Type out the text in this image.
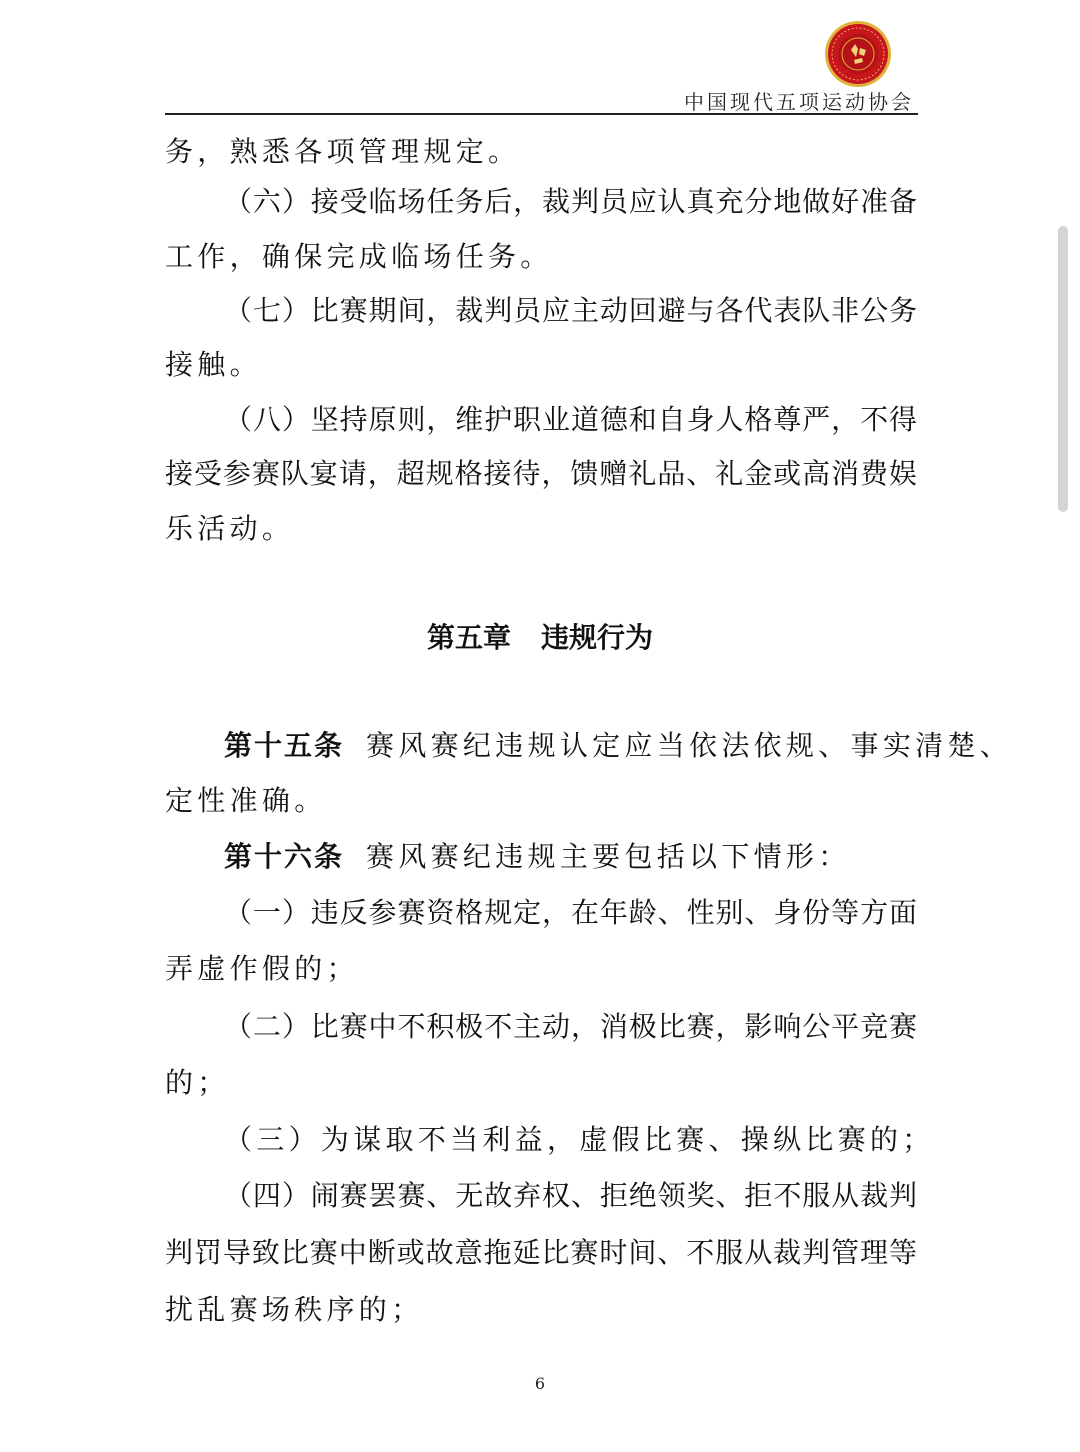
中国现代五项运动协会
务，熟悉各项管理规定。
（六）接受临场任务后，裁判员应认真充分地做好准备
工作，确保完成临场任务。
（七）比赛期间，裁判员应主动回避与各代表队非公务
接触。
（八）坚持原则，维护职业道德和自身人格尊严，不得
接受参赛队宴请，超规格接待，馈赠礼品、礼金或高消费娱
乐活动。
第五章 违规行为
第十五条 赛风赛纪违规认定应当依法依规、事实清楚、
定性准确。
第十六条 赛风赛纪违规主要包括以下情形：
（一）违反参赛资格规定，在年龄、性别、身份等方面
弄虚作假的；
（二）比赛中不积极不主动，消极比赛，影响公平竞赛
的；
（三）为谋取不当利益，虚假比赛、操纵比赛的；
（四）闹赛罢赛、无故弃权、拒绝领奖、拒不服从裁判
判罚导致比赛中断或故意拖延比赛时间、不服从裁判管理等
扰乱赛场秩序的；
6
